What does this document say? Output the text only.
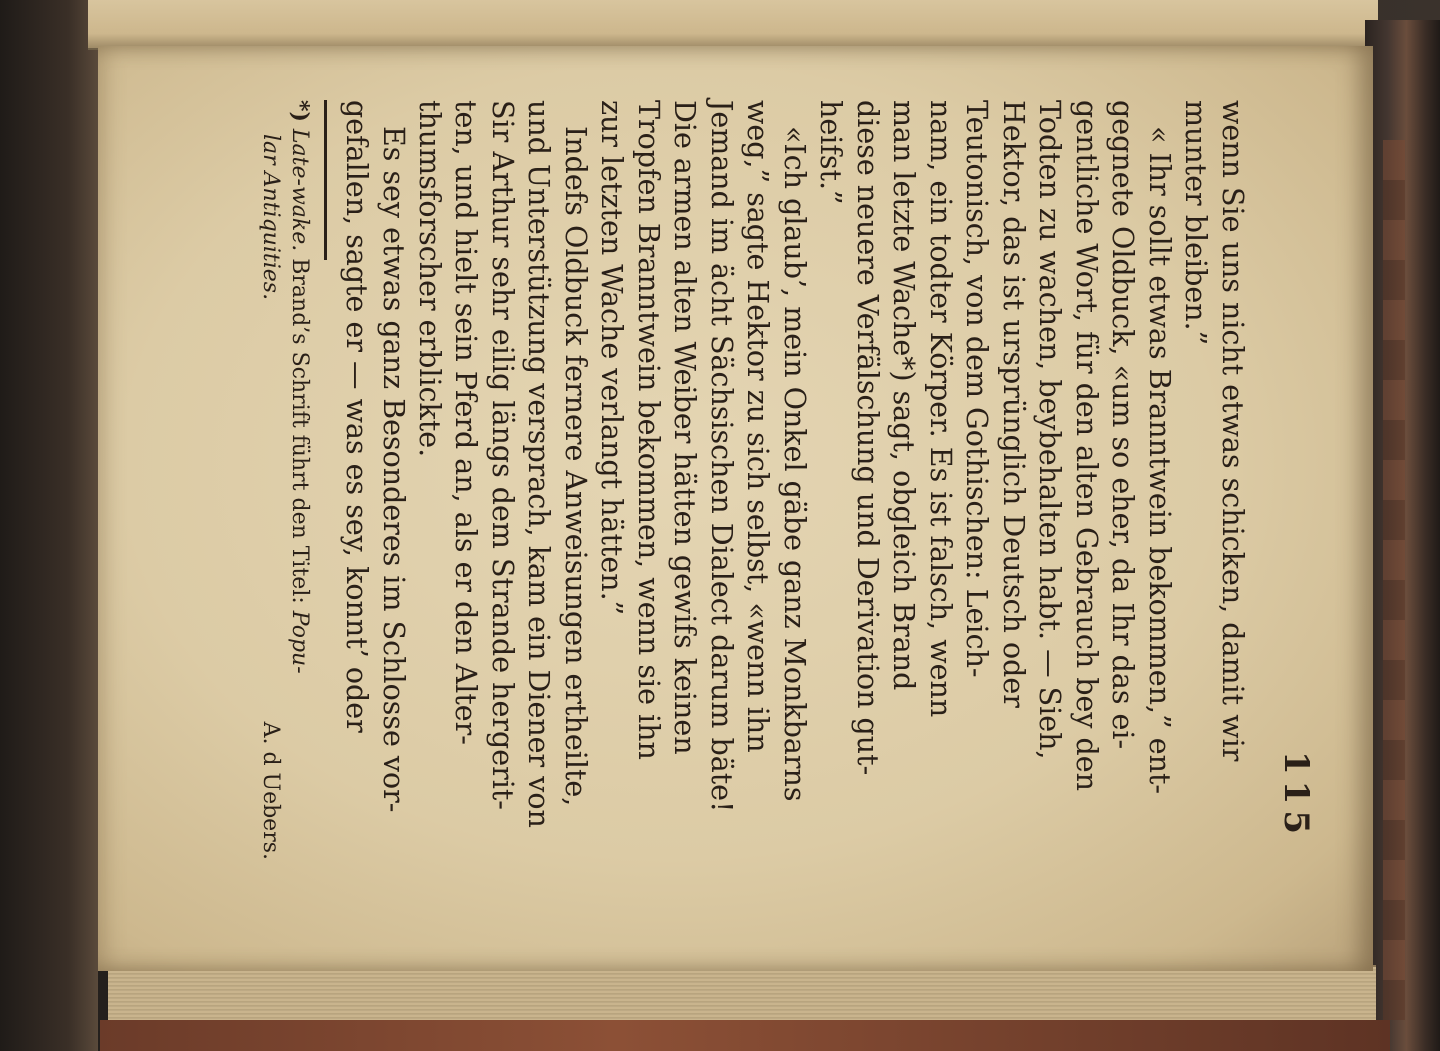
115
wenn Sie uns nicht etwas schicken, damit wir
munter bleiben.”
« Ihr sollt etwas Branntwein bekommen,” ent-
gegnete Oldbuck, «um so eher, da Ihr das ei-
gentliche Wort, für den alten Gebrauch bey den
Todten zu wachen, beybehalten habt. — Sieh,
Hektor, das ist ursprünglich Deutsch oder
Teutonisch, von dem Gothischen: Leich-
nam, ein todter Körper. Es ist falsch, wenn
man letzte Wache*) sagt, obgleich Brand
diese neuere Verfälschung und Derivation gut-
heifst.”
«Ich glaub’, mein Onkel gäbe ganz Monkbarns
weg,” sagte Hektor zu sich selbst, «wenn ihn
Jemand im ächt Sächsischen Dialect darum bäte!
Die armen alten Weiber hätten gewifs keinen
Tropfen Branntwein bekommen, wenn sie ihn
zur letzten Wache verlangt hätten.”
Indefs Oldbuck fernere Anweisungen ertheilte,
und Unterstützung versprach, kam ein Diener von
Sir Arthur sehr eilig längs dem Strande hergerit-
ten, und hielt sein Pferd an, als er den Alter-
thumsforscher erblickte.
Es sey etwas ganz Besonderes im Schlosse vor-
gefallen, sagte er — was es sey, konnt’ oder
*) Late-wake. Brand’s Schrift führt den Titel: Popu-
lar Antiquities.
A. d Uebers.
